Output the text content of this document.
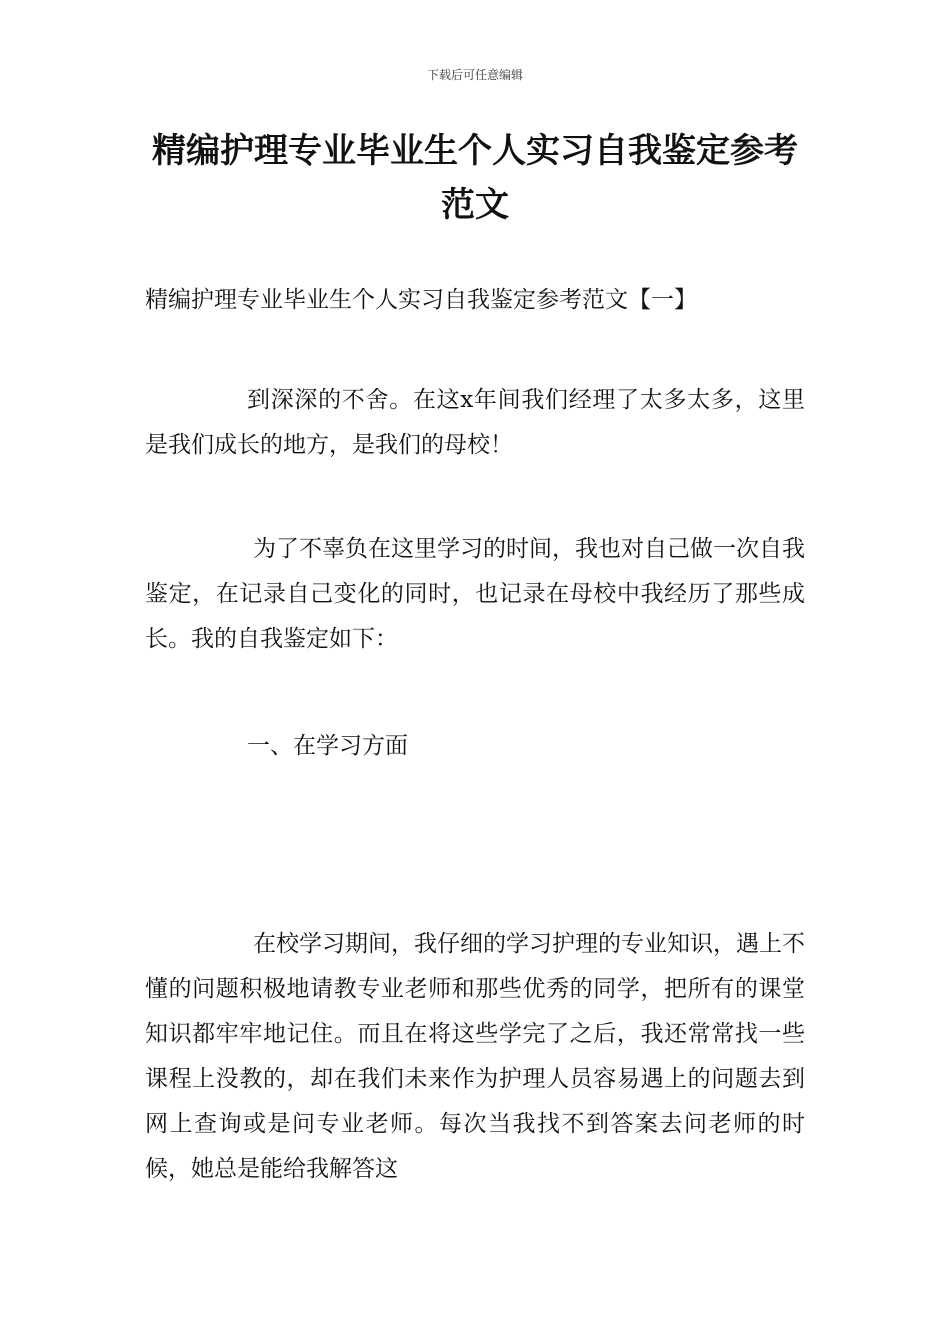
下载后可任意编辑
精编护理专业毕业生个人实习自我鉴定参考范文

精编护理专业毕业生个人实习自我鉴定参考范文【一】

到深深的不舍。在这x年间我们经理了太多太多，这里是我们成长的地方，是我们的母校！

为了不辜负在这里学习的时间，我也对自己做一次自我鉴定，在记录自己变化的同时，也记录在母校中我经历了那些成长。我的自我鉴定如下：

一、在学习方面

在校学习期间，我仔细的学习护理的专业知识，遇上不懂的问题积极地请教专业老师和那些优秀的同学，把所有的课堂知识都牢牢地记住。而且在将这些学完了之后，我还常常找一些课程上没教的，却在我们未来作为护理人员容易遇上的问题去到网上查询或是问专业老师。每次当我找不到答案去问老师的时候，她总是能给我解答这
